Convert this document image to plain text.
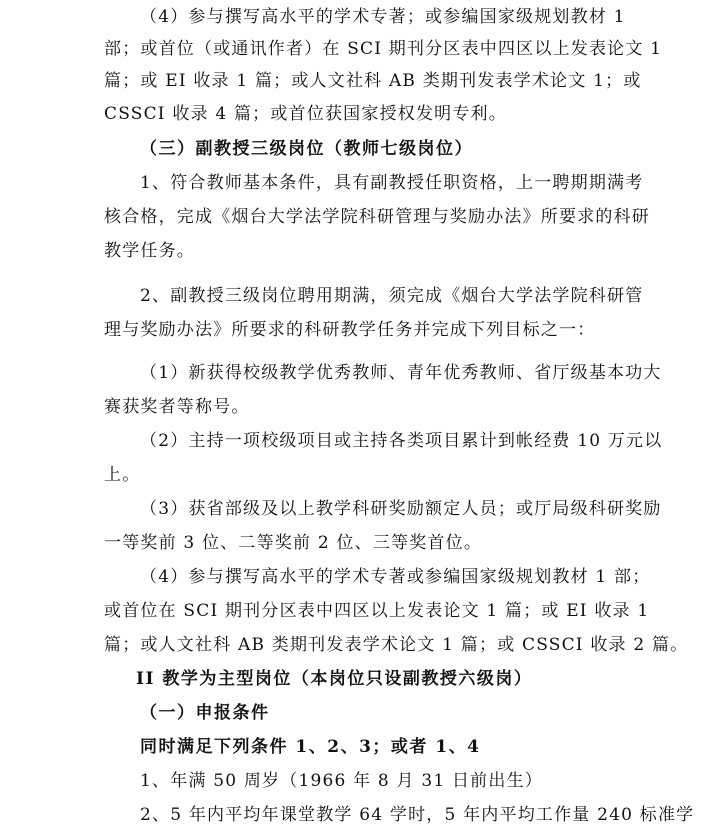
（4）参与撰写高水平的学术专著；或参编国家级规划教材 1
部；或首位（或通讯作者）在 SCI 期刊分区表中四区以上发表论文 1
篇；或 EI 收录 1 篇；或人文社科 AB 类期刊发表学术论文 1；或
CSSCI 收录 4 篇；或首位获国家授权发明专利。
（三）副教授三级岗位（教师七级岗位）
1、符合教师基本条件，具有副教授任职资格，上一聘期期满考
核合格，完成《烟台大学法学院科研管理与奖励办法》所要求的科研
教学任务。
2、副教授三级岗位聘用期满，须完成《烟台大学法学院科研管
理与奖励办法》所要求的科研教学任务并完成下列目标之一：
（1）新获得校级教学优秀教师、青年优秀教师、省厅级基本功大
赛获奖者等称号。
（2）主持一项校级项目或主持各类项目累计到帐经费 10 万元以
上。
（3）获省部级及以上教学科研奖励额定人员；或厅局级科研奖励
一等奖前 3 位、二等奖前 2 位、三等奖首位。
（4）参与撰写高水平的学术专著或参编国家级规划教材 1 部；
或首位在 SCI 期刊分区表中四区以上发表论文 1 篇；或 EI 收录 1
篇；或人文社科 AB 类期刊发表学术论文 1 篇；或 CSSCI 收录 2 篇。
II 教学为主型岗位（本岗位只设副教授六级岗）
（一）申报条件
同时满足下列条件 1、2、3；或者 1、4
1、年满 50 周岁（1966 年 8 月 31 日前出生）
2、5 年内平均年课堂教学 64 学时，5 年内平均工作量 240 标准学
